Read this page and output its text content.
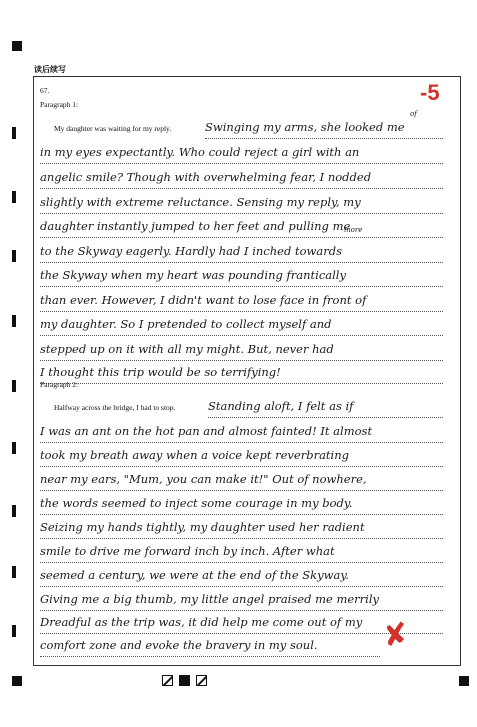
读后续写
67.	-5
Paragraph 1:
My daughter was waiting for my reply.
of
more
Swinging my arms, she looked me
in my eyes expectantly. Who could reject a girl with an
angelic smile? Though with overwhelming fear, I nodded
slightly with extreme reluctance. Sensing my reply, my
daughter instantly jumped to her feet and pulling me
to the Skyway eagerly. Hardly had I inched towards
the Skyway when my heart was pounding frantically
than ever. However, I didn't want to lose face in front of
my daughter. So I pretended to collect myself and
stepped up on it with all my might. But, never had
I thought this trip would be so terrifying!
Paragraph 2:
Halfway across the bridge, I had to stop.	Standing aloft, I felt as if
I was an ant on the hot pan and almost fainted! It almost
took my breath away when a voice kept reverbrating
near my ears, "Mum, you can make it!" Out of nowhere,
the words seemed to inject some courage in my body.
Seizing my hands tightly, my daughter used her radient
smile to drive me forward inch by inch. After what
seemed a century, we were at the end of the Skyway.
Giving me a big thumb, my little angel praised me merrily
Dreadful as the trip was, it did help me come out of my
comfort zone and evoke the bravery in my soul.	✘
